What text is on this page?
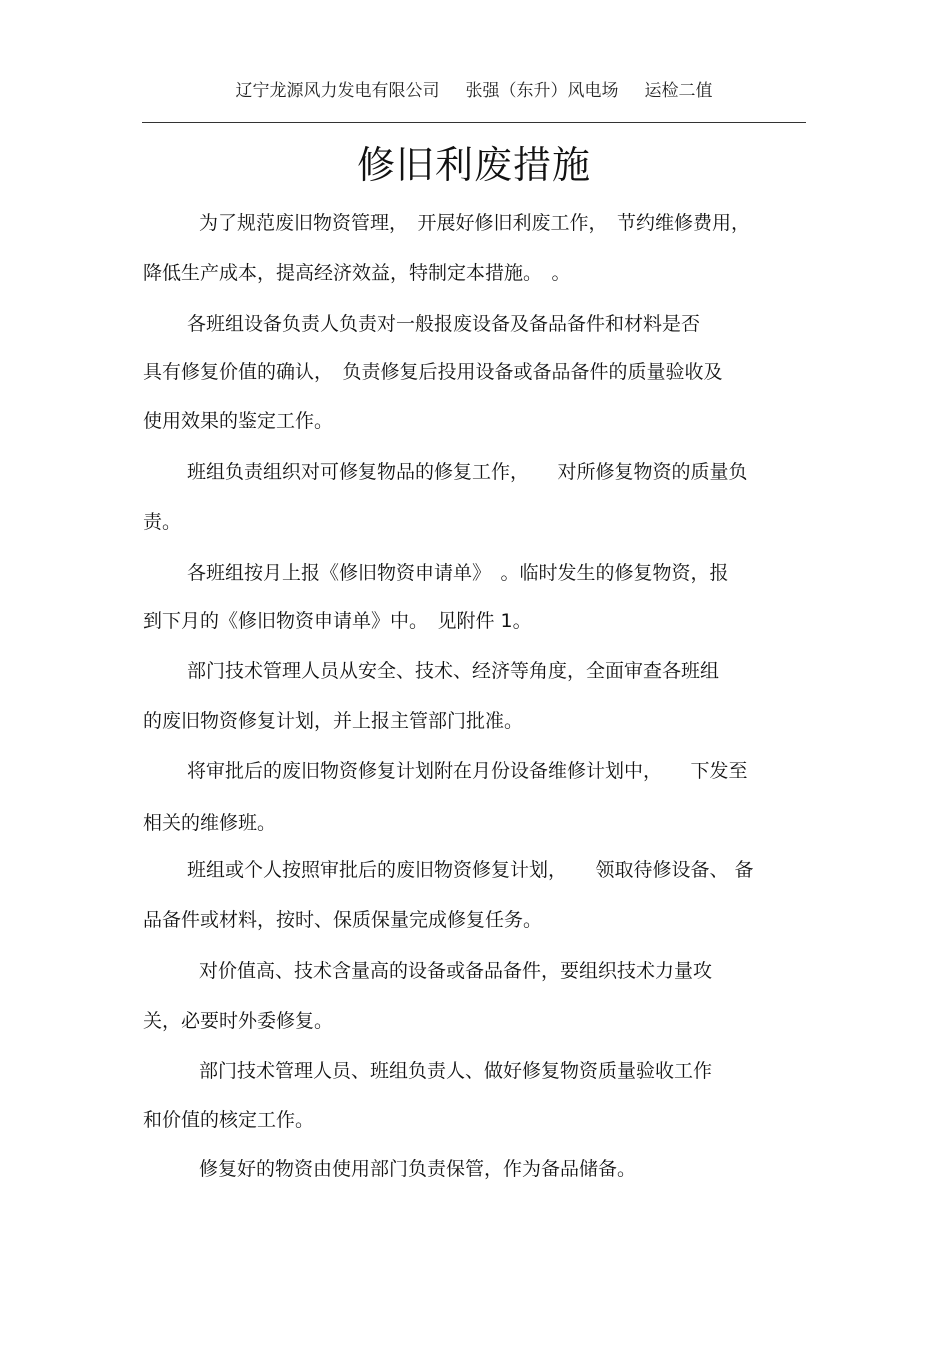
辽宁龙源风力发电有限公司 张强（东升）风电场 运检二值
修旧利废措施
为了规范废旧物资管理，　开展好修旧利废工作，　节约维修费用，
降低生产成本，提高经济效益，特制定本措施。　。
各班组设备负责人负责对一般报废设备及备品备件和材料是否
具有修复价值的确认，　负责修复后投用设备或备品备件的质量验收及
使用效果的鉴定工作。
班组负责组织对可修复物品的修复工作，　　对所修复物资的质量负
责。
各班组按月上报《修旧物资申请单》　。临时发生的修复物资，报
到下月的《修旧物资申请单》中。　见附件 1。
部门技术管理人员从安全、技术、经济等角度，全面审查各班组
的废旧物资修复计划，并上报主管部门批准。
将审批后的废旧物资修复计划附在月份设备维修计划中，　　下发至
相关的维修班。
班组或个人按照审批后的废旧物资修复计划，　　领取待修设备、 备
品备件或材料，按时、保质保量完成修复任务。
对价值高、技术含量高的设备或备品备件，要组织技术力量攻
关，必要时外委修复。
部门技术管理人员、班组负责人、做好修复物资质量验收工作
和价值的核定工作。
修复好的物资由使用部门负责保管，作为备品储备。
